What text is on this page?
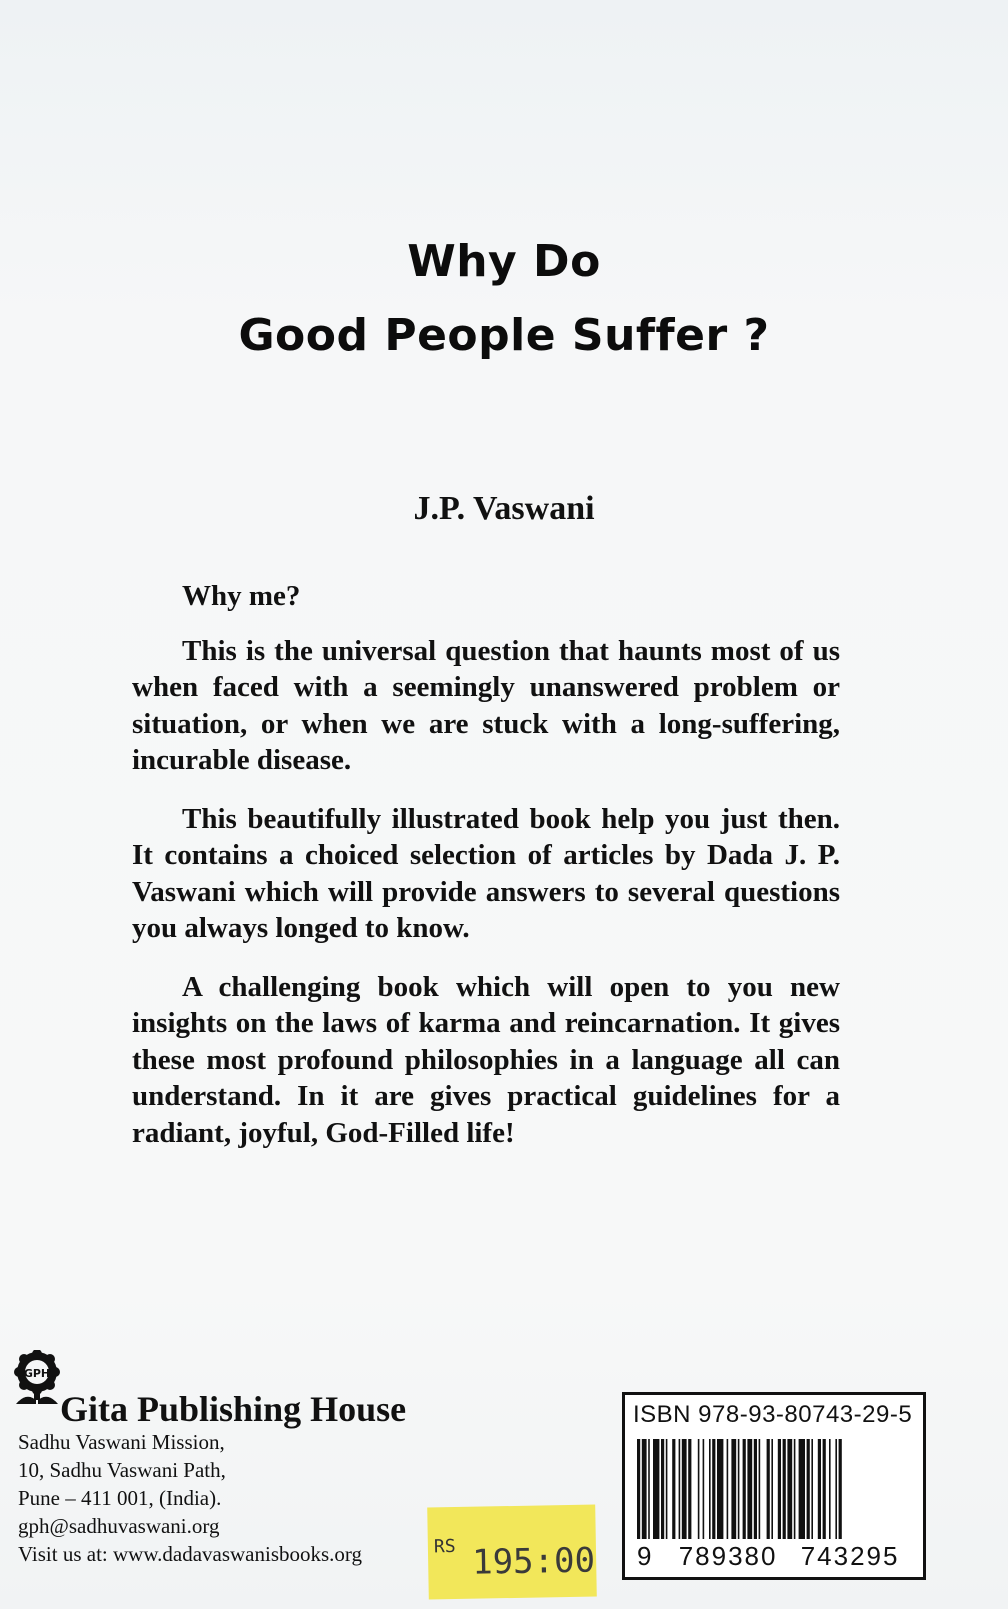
Why Do
Good People Suffer ?
J.P. Vaswani

Why me?

This is the universal question that haunts most of us when faced with a seemingly unanswered problem or situation, or when we are stuck with a long-suffering, incurable disease.

This beautifully illustrated book help you just then. It contains a choiced selection of articles by Dada J. P. Vaswani which will provide answers to several questions you always longed to know.

A challenging book which will open to you new insights on the laws of karma and reincarnation. It gives these most profound philosophies in a language all can understand. In it are gives practical guidelines for a radiant, joyful, God-Filled life!

GPH
Gita Publishing House
Sadhu Vaswani Mission,
10, Sadhu Vaswani Path,
Pune – 411 001, (India).
gph@sadhuvaswani.org
Visit us at: www.dadavaswanisbooks.org	RS 195:00
ISBN 978-93-80743-29-5
9 789380 743295
